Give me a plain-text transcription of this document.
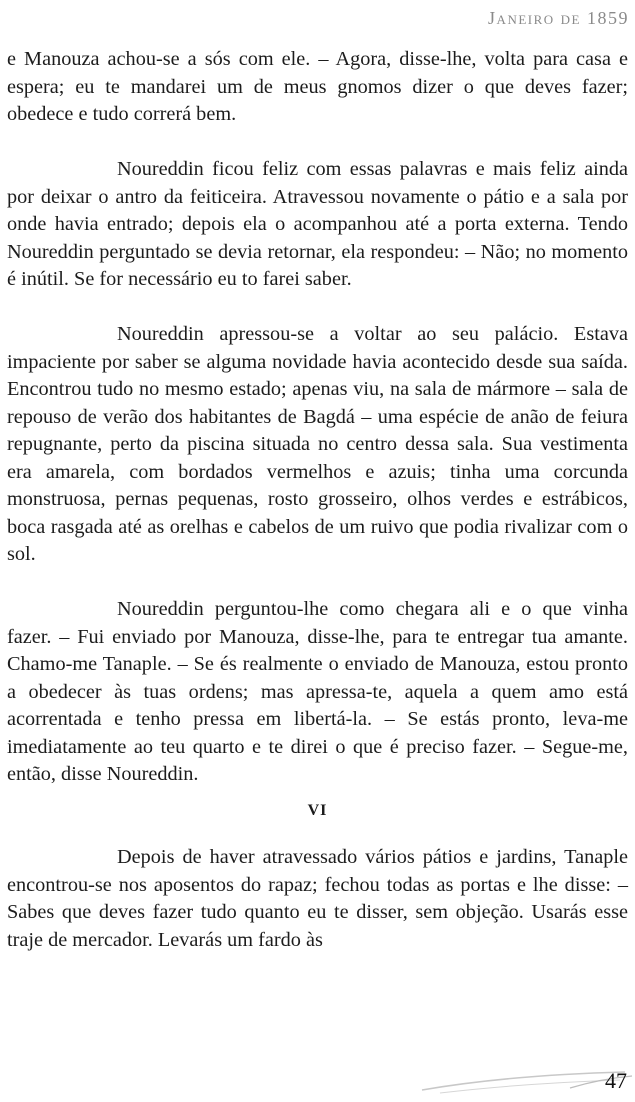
Janeiro de 1859

e Manouza achou-se a sós com ele. – Agora, disse-lhe, volta para casa e espera; eu te mandarei um de meus gnomos dizer o que deves fazer; obedece e tudo correrá bem.

Noureddin ficou feliz com essas palavras e mais feliz ainda por deixar o antro da feiticeira. Atravessou novamente o pátio e a sala por onde havia entrado; depois ela o acompanhou até a porta externa. Tendo Noureddin perguntado se devia retornar, ela respondeu: – Não; no momento é inútil. Se for necessário eu to farei saber.

Noureddin apressou-se a voltar ao seu palácio. Estava impaciente por saber se alguma novidade havia acontecido desde sua saída. Encontrou tudo no mesmo estado; apenas viu, na sala de mármore – sala de repouso de verão dos habitantes de Bagdá – uma espécie de anão de feiura repugnante, perto da piscina situada no centro dessa sala. Sua vestimenta era amarela, com bordados vermelhos e azuis; tinha uma corcunda monstruosa, pernas pequenas, rosto grosseiro, olhos verdes e estrábicos, boca rasgada até as orelhas e cabelos de um ruivo que podia rivalizar com o sol.

Noureddin perguntou-lhe como chegara ali e o que vinha fazer. – Fui enviado por Manouza, disse-lhe, para te entregar tua amante. Chamo-me Tanaple. – Se és realmente o enviado de Manouza, estou pronto a obedecer às tuas ordens; mas apressa-te, aquela a quem amo está acorrentada e tenho pressa em libertá-la. – Se estás pronto, leva-me imediatamente ao teu quarto e te direi o que é preciso fazer. – Segue-me, então, disse Noureddin.

VI

Depois de haver atravessado vários pátios e jardins, Tanaple encontrou-se nos aposentos do rapaz; fechou todas as portas e lhe disse: – Sabes que deves fazer tudo quanto eu te disser, sem objeção. Usarás esse traje de mercador. Levarás um fardo às

47
